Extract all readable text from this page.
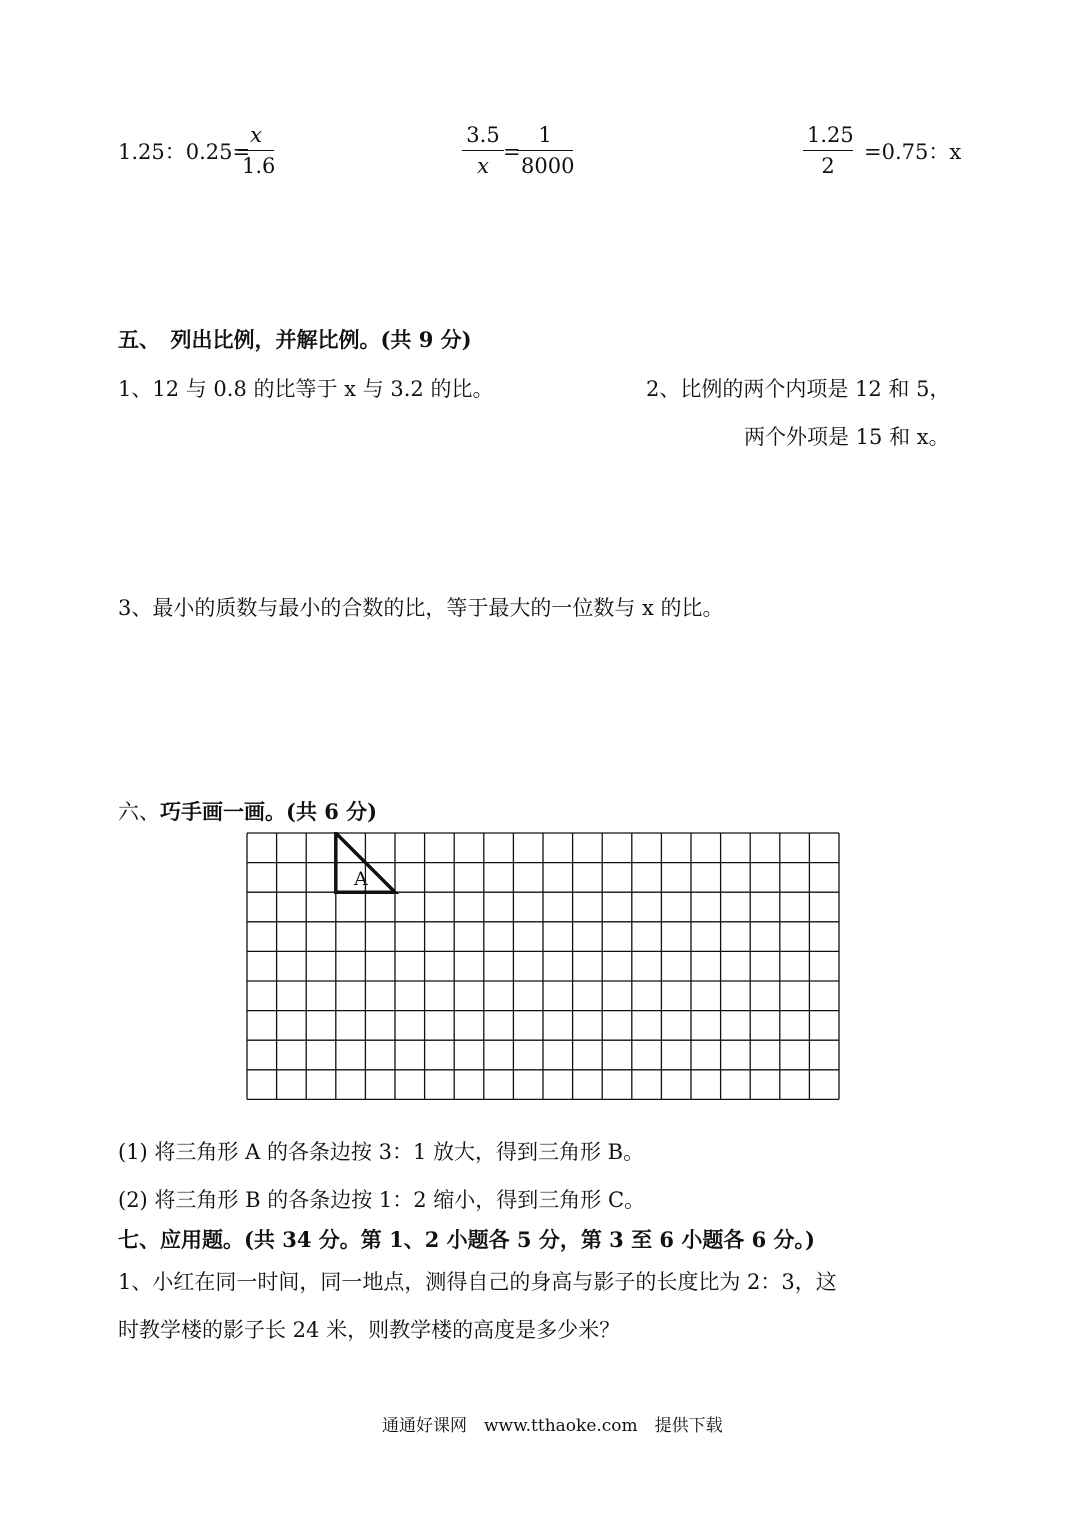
1.25：0.25=
x
1.6
3.5
x
=
1
8000
1.25
2
=0.75：x
五、　列出比例，并解比例。(共 9 分)
1、12 与 0.8 的比等于 x 与 3.2 的比。	2、比例的两个内项是 12 和 5，
两个外项是 15 和 x。
3、最小的质数与最小的合数的比，等于最大的一位数与 x 的比。
六、巧手画一画。(共 6 分)
A
(1) 将三角形 A 的各条边按 3：1 放大，得到三角形 B。
(2) 将三角形 B 的各条边按 1：2 缩小，得到三角形 C。
七、应用题。(共 34 分。第 1、2 小题各 5 分，第 3 至 6 小题各 6 分。)
1、小红在同一时间，同一地点，测得自己的身高与影子的长度比为 2：3，这
时教学楼的影子长 24 米，则教学楼的高度是多少米？
通通好课网　www.tthaoke.com　提供下载
